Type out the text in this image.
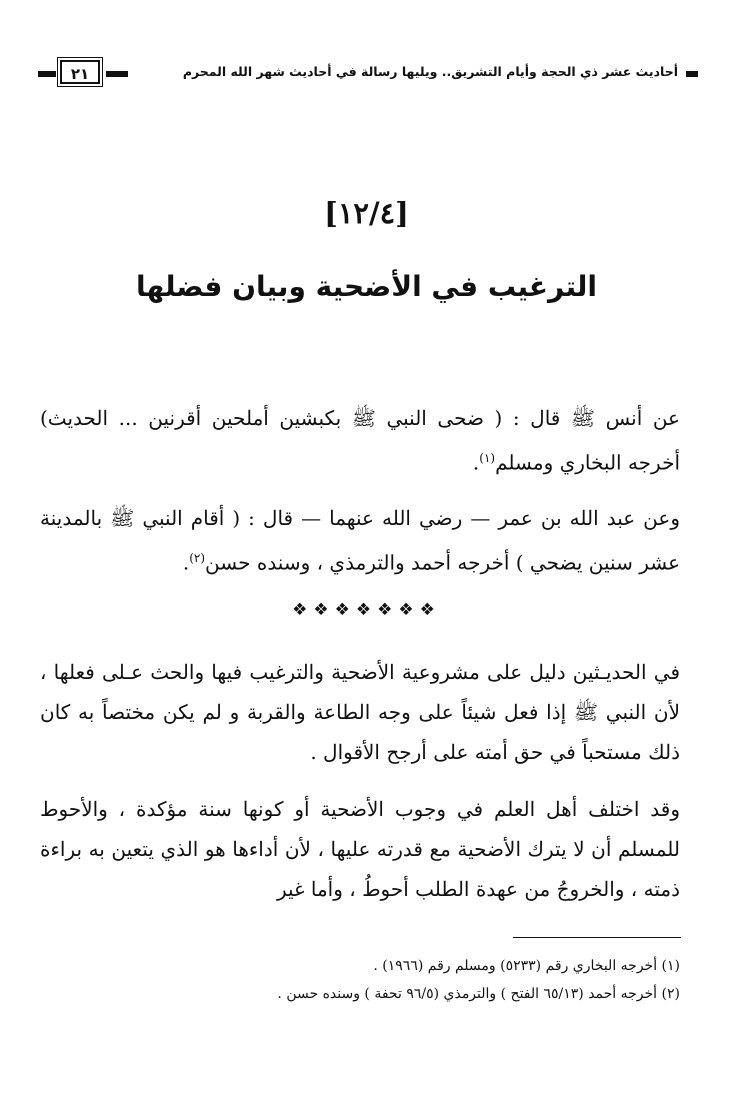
أحاديث عشر ذي الحجة وأيام التشريق.. ويليها رسالة في أحاديث شهر الله المحرم
٢١
[١٢/٤]
الترغيب في الأضحية وبيان فضلها

عن أنس ﷺ قال : ( ضحى النبي ﷺ بكبشين أملحين أقرنين ... الحديث) أخرجه البخاري ومسلم$^{(١)}$.

وعن عبد الله بن عمر — رضي الله عنهما — قال : ( أقام النبي ﷺ بالمدينة عشر سنين يضحي ) أخرجه أحمد والترمذي ، وسنده حسن$^{(٢)}$.

❖❖❖❖❖❖❖

في الحديـثين دليل على مشروعية الأضحية والترغيب فيها والحث عـلى فعلها ، لأن النبي ﷺ إذا فعل شيئاً على وجه الطاعة والقربة و لم يكن مختصاً به كان ذلك مستحباً في حق أمته على أرجح الأقوال .

وقد اختلف أهل العلم في وجوب الأضحية أو كونها سنة مؤكدة ، والأحوط للمسلم أن لا يترك الأضحية مع قدرته عليها ، لأن أداءها هو الذي يتعين به براءة ذمته ، والخروجُ من عهدة الطلب أحوطُ ، وأما غير

(١) أخرجه البخاري رقم (٥٢٣٣) ومسلم رقم (١٩٦٦) .

(٢) أخرجه أحمد (٦٥/١٣ الفتح ) والترمذي (٩٦/٥ تحفة ) وسنده حسن .
